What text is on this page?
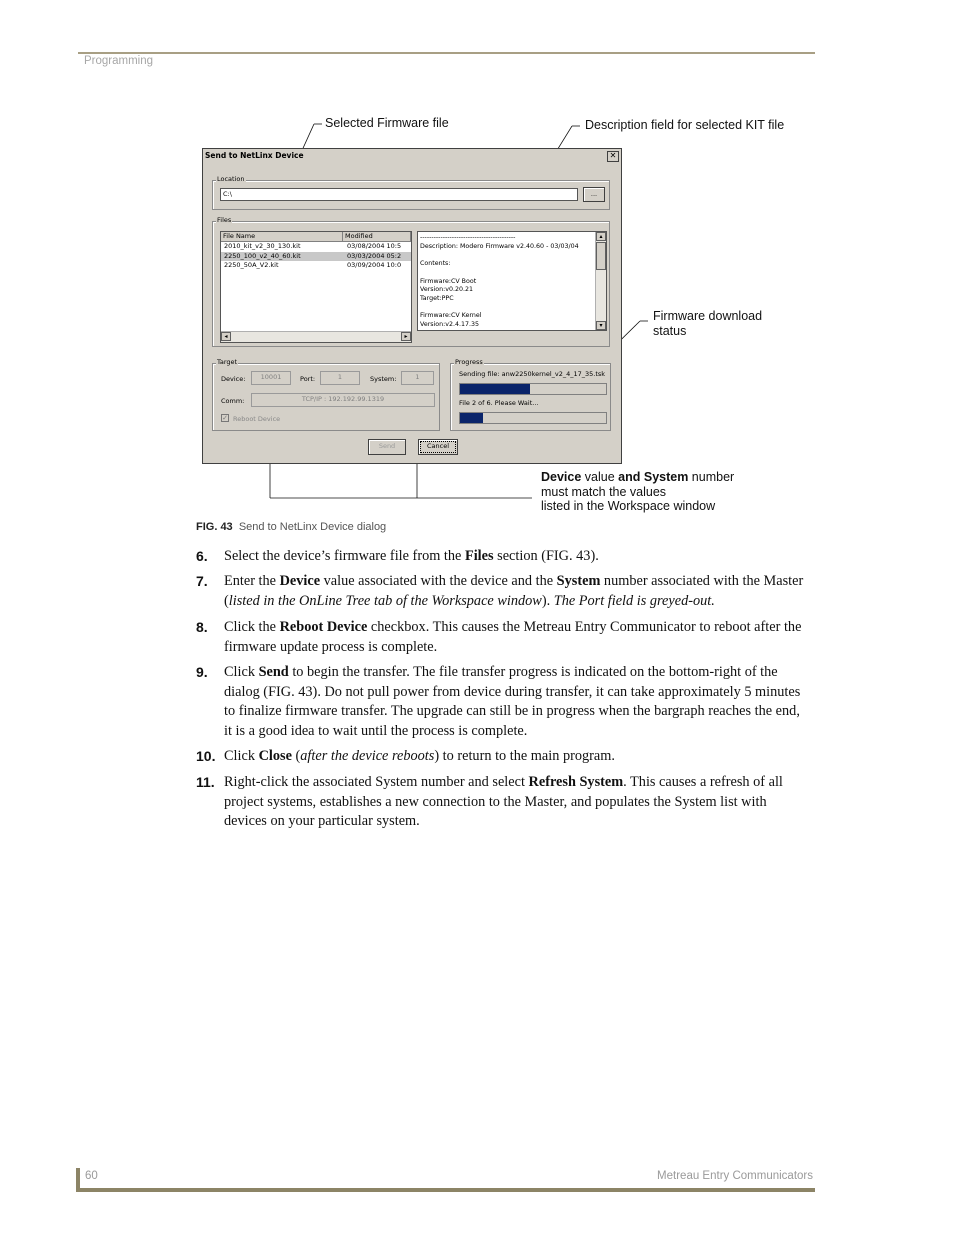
Programming
Selected Firmware file	Description field for selected KIT file
Firmware download
status
Device value and System number
must match the values
listed in the Workspace window
Send to NetLinx Device	✕
Location
C:\	...
Files
File Name	Modified
2010_kit_v2_30_130.kit	03/08/2004 10:5

2250_100_v2_40_60.kit	03/03/2004 05:2

2250_50A_V2.kit	03/09/2004 10:0

◂	▸
------------------------------------------
Description: Modero Firmware v2.40.60 - 03/03/04

Contents:

Firmware:CV Boot
Version:v0.20.21
Target:PPC

Firmware:CV Kernel
Version:v2.4.17.35
▴
▾
Target
Device:	10001	Port:	1	System:	1
Comm:	TCP/IP : 192.192.99.1319
✓ Reboot Device
Progress
Sending file: anw2250kernel_v2_4_17_35.tsk
File 2 of 6. Please Wait...
Send	Cancel
FIG. 43 Send to NetLinx Device dialog
6. Select the device’s firmware file from the Files section (FIG. 43).
7. Enter the Device value associated with the device and the System number associated with the Master (listed in the OnLine Tree tab of the Workspace window). The Port field is greyed-out.
8. Click the Reboot Device checkbox. This causes the Metreau Entry Communicator to reboot after the firmware update process is complete.
9. Click Send to begin the transfer. The file transfer progress is indicated on the bottom-right of the dialog (FIG. 43). Do not pull power from device during transfer, it can take approximately 5 minutes to finalize firmware transfer. The upgrade can still be in progress when the bargraph reaches the end, it is a good idea to wait until the process is complete.
10. Click Close (after the device reboots) to return to the main program.
11. Right-click the associated System number and select Refresh System. This causes a refresh of all project systems, establishes a new connection to the Master, and populates the System list with devices on your particular system.
60	Metreau Entry Communicators
